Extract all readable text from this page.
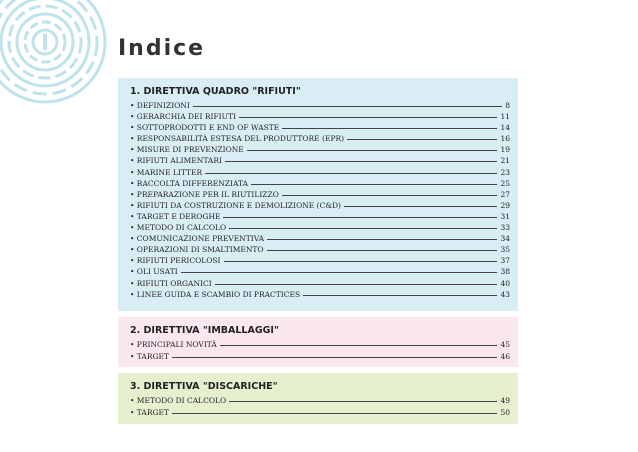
Indice
1. DIRETTIVA QUADRO "RIFIUTI"
• DEFINIZIONI	8
• GERARCHIA DEI RIFIUTI	11
• SOTTOPRODOTTI E END OF WASTE	14
• RESPONSABILITÀ ESTESA DEL PRODUTTORE (EPR)	16
• MISURE DI PREVENZIONE	19
• RIFIUTI ALIMENTARI	21
• MARINE LITTER	23
• RACCOLTA DIFFERENZIATA	25
• PREPARAZIONE PER IL RIUTILIZZO	27
• RIFIUTI DA COSTRUZIONE E DEMOLIZIONE (C&D)	29
• TARGET E DEROGHE	31
• METODO DI CALCOLO	33
• COMUNICAZIONE PREVENTIVA	34
• OPERAZIONI DI SMALTIMENTO	35
• RIFIUTI PERICOLOSI	37
• OLI USATI	38
• RIFIUTI ORGANICI	40
• LINEE GUIDA E SCAMBIO DI PRACTICES	43
2. DIRETTIVA "IMBALLAGGI"
• PRINCIPALI NOVITÀ	45
• TARGET	46
3. DIRETTIVA "DISCARICHE"
• METODO DI CALCOLO	49
• TARGET	50
